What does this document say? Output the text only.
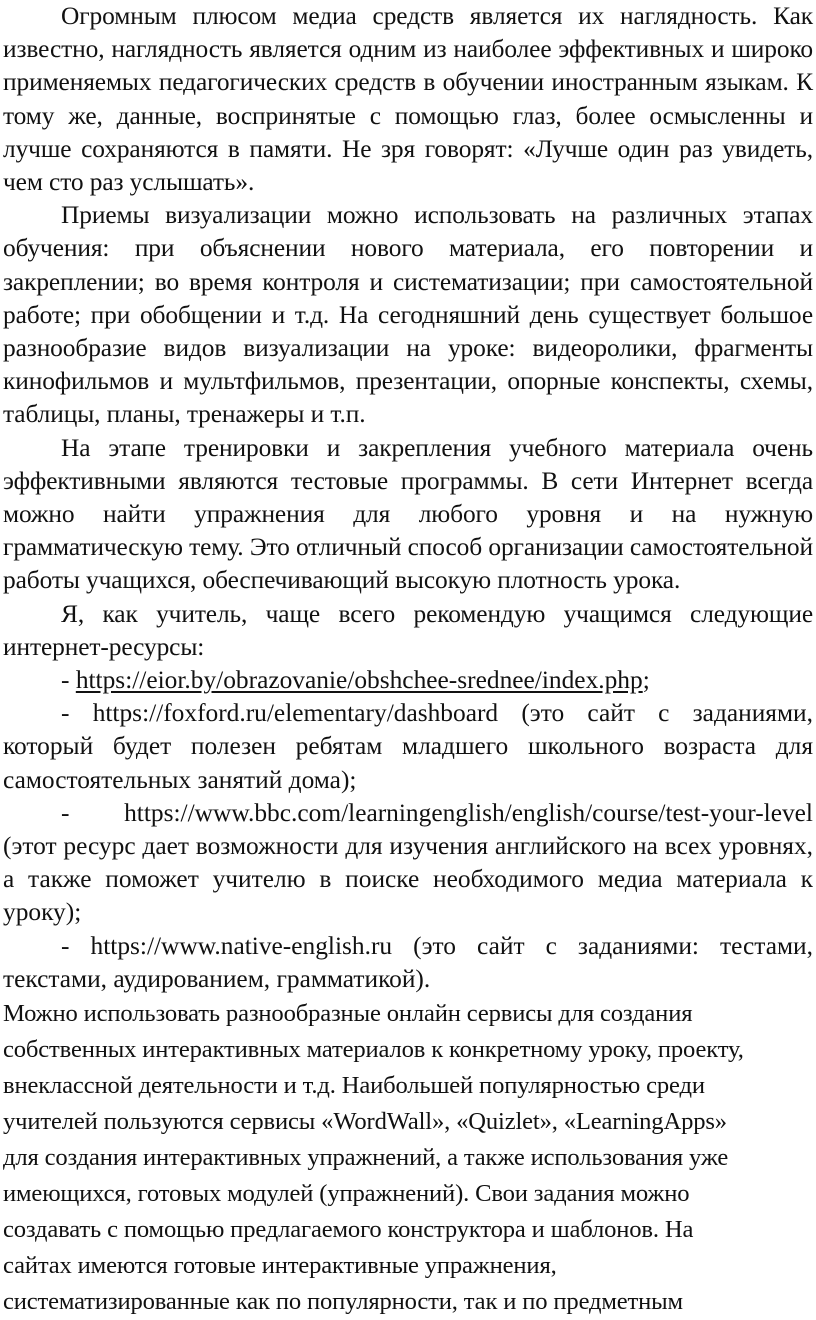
Огромным плюсом медиа средств является их наглядность. Как известно, наглядность является одним из наиболее эффективных и широко применяемых педагогических средств в обучении иностранным языкам. К тому же, данные, воспринятые с помощью глаз, более осмысленны и лучше сохраняются в памяти. Не зря говорят: «Лучше один раз увидеть, чем сто раз услышать».

Приемы визуализации можно использовать на различных этапах обучения: при объяснении нового материала, его повторении и закреплении; во время контроля и систематизации; при самостоятельной работе; при обобщении и т.д. На сегодняшний день существует большое разнообразие видов визуализации на уроке: видеоролики, фрагменты кинофильмов и мультфильмов, презентации, опорные конспекты, схемы, таблицы, планы, тренажеры и т.п.

На этапе тренировки и закрепления учебного материала очень эффективными являются тестовые программы. В сети Интернет всегда можно найти упражнения для любого уровня и на нужную грамматическую тему. Это отличный способ организации самостоятельной работы учащихся, обеспечивающий высокую плотность урока.

Я, как учитель, чаще всего рекомендую учащимся следующие интернет-ресурсы:

- https://eior.by/obrazovanie/obshchee-srednee/index.php;

- https://foxford.ru/elementary/dashboard (это сайт с заданиями, который будет полезен ребятам младшего школьного возраста для самостоятельных занятий дома);

- https://www.bbc.com/learningenglish/english/course/test-your-level (этот ресурс дает возможности для изучения английского на всех уровнях, а также поможет учителю в поиске необходимого медиа материала к уроку);

- https://www.native-english.ru (это сайт с заданиями: тестами, текстами, аудированием, грамматикой).

Можно использовать разнообразные онлайн сервисы для создания

собственных интерактивных материалов к конкретному уроку, проекту,

внеклассной деятельности и т.д. Наибольшей популярностью среди

учителей пользуются сервисы «WordWall», «Quizlet», «LearningApps»

для создания интерактивных упражнений, а также использования уже

имеющихся, готовых модулей (упражнений). Свои задания можно

создавать с помощью предлагаемого конструктора и шаблонов. На

сайтах имеются готовые интерактивные упражнения,

систематизированные как по популярности, так и по предметным
